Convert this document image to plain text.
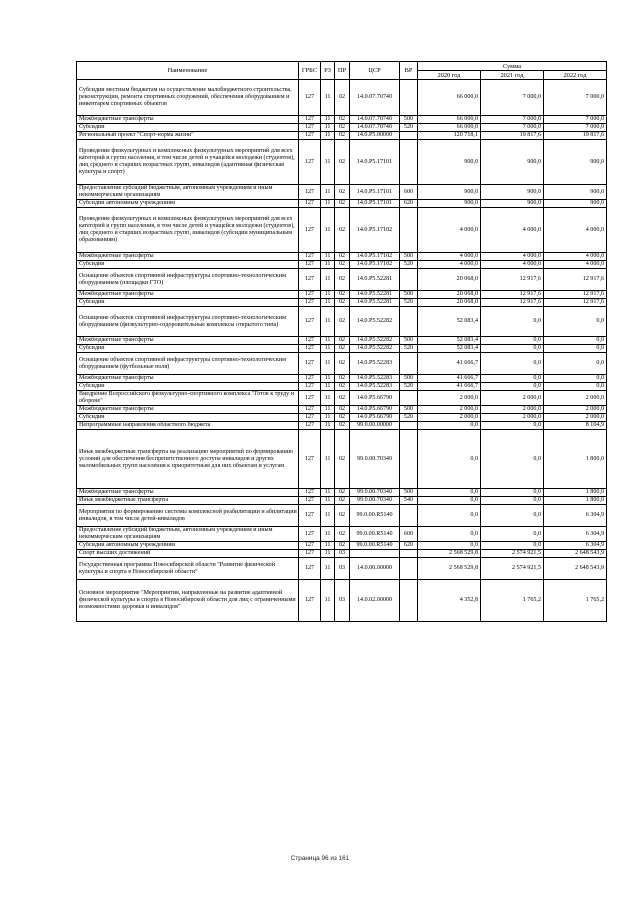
Наименование	ГРБС	РЗ	ПР	ЦСР	ВР	Сумма		
						2020 год	2021 год	2022 год
Субсидии местным бюджетам на осуществление малобюджетного строительства, реконструкции, ремонта спортивных сооружений, обеспечения оборудованием и инвентарем спортивных объектов	127	11	02	14.0.07.70740		66 000,0	7 000,0	7 000,0
Межбюджетные трансферты	127	11	02	14.0.07.70740	500	66 000,0	7 000,0	7 000,0
Субсидии	127	11	02	14.0.07.70740	520	66 000,0	7 000,0	7 000,0
Региональный проект "Спорт-норма жизни"	127	11	02	14.0.P5.00000		120 718,1	19 817,6	19 817,6
Проведение физкультурных и комплексных физкультурных мероприятий для всех категорий и групп населения, в том числе детей и учащейся молодежи (студентов), лиц среднего и старших возрастных групп, инвалидов (адаптивная физическая культура и спорт)	127	11	02	14.0.P5.17101		900,0	900,0	900,0
Предоставление субсидий бюджетным, автономным учреждениям и иным некоммерческим организациям	127	11	02	14.0.P5.17101	600	900,0	900,0	900,0
Субсидии автономным учреждениям	127	11	02	14.0.P5.17101	620	900,0	900,0	900,0
Проведение физкультурных и комплексных физкультурных мероприятий для всех категорий и групп населения, в том числе детей и учащейся молодежи (студентов), лиц среднего и старших возрастных групп, инвалидов (субсидии муниципальным образованиям)	127	11	02	14.0.P5.17102		4 000,0	4 000,0	4 000,0
Межбюджетные трансферты	127	11	02	14.0.P5.17102	500	4 000,0	4 000,0	4 000,0
Субсидии	127	11	02	14.0.P5.17102	520	4 000,0	4 000,0	4 000,0
Оснащение объектов спортивной инфраструктуры спортивно-технологическим оборудованием (площадки ГТО)	127	11	02	14.0.P5.52281		20 068,0	12 917,6	12 917,6
Межбюджетные трансферты	127	11	02	14.0.P5.52281	500	20 068,0	12 917,6	12 917,6
Субсидии	127	11	02	14.0.P5.52281	520	20 068,0	12 917,6	12 917,6
Оснащение объектов спортивной инфраструктуры спортивно-технологическим оборудованием (физкультурно-оздоровительные комплексы открытого типа)	127	11	02	14.0.P5.52282		52 083,4	0,0	0,0
Межбюджетные трансферты	127	11	02	14.0.P5.52282	500	52 083,4	0,0	0,0
Субсидии	127	11	02	14.0.P5.52282	520	52 083,4	0,0	0,0
Оснащение объектов спортивной инфраструктуры спортивно-технологическим оборудованием (футбольные поля)	127	11	02	14.0.P5.52283		41 666,7	0,0	0,0
Межбюджетные трансферты	127	11	02	14.0.P5.52283	500	41 666,7	0,0	0,0
Субсидии	127	11	02	14.0.P5.52283	520	41 666,7	0,0	0,0
Внедрение Всероссийского физкультурно-спортивного комплекса "Готов к труду и обороне"	127	11	02	14.0.P5.66790		2 000,0	2 000,0	2 000,0
Межбюджетные трансферты	127	11	02	14.0.P5.66790	500	2 000,0	2 000,0	2 000,0
Субсидии	127	11	02	14.0.P5.66790	520	2 000,0	2 000,0	2 000,0
Непрограммные направления областного бюджета	127	11	02	99.0.00.00000		0,0	0,0	8 104,9
Иные межбюджетные трансферты на реализацию мероприятий по формированию условий для обеспечения беспрепятственного доступа инвалидов и других маломобильных групп населения к приоритетным для них объектам и услугам	127	11	02	99.0.00.70340		0,0	0,0	1 800,0
Межбюджетные трансферты	127	11	02	99.0.00.70340	500	0,0	0,0	1 800,0
Иные межбюджетные трансферты	127	11	02	99.0.00.70340	540	0,0	0,0	1 800,0
Мероприятия по формированию системы комплексной реабилитации и абилитации инвалидов, в том числе детей-инвалидов	127	11	02	99.0.00.R5140		0,0	0,0	6 304,9
Предоставление субсидий бюджетным, автономным учреждениям и иным некоммерческим организациям	127	11	02	99.0.00.R5140	600	0,0	0,0	6 304,9
Субсидии автономным учреждениям	127	11	02	99.0.00.R5140	620	0,0	0,0	6 304,9
Спорт высших достижений	127	11	03			2 568 529,8	2 574 921,5	2 648 543,9
Государственная программа Новосибирской области "Развитие физической культуры и спорта в Новосибирской области"	127	11	03	14.0.00.00000		2 568 529,8	2 574 921,5	2 648 543,9
Основное мероприятие "Мероприятия, направленные на развитие адаптивной физической культуры и спорта в Новосибирской области для лиц с ограниченными возможностями здоровья и инвалидов"	127	11	03	14.0.02.00000		4 352,8	1 765,2	1 765,2
Страница 96 из 161
